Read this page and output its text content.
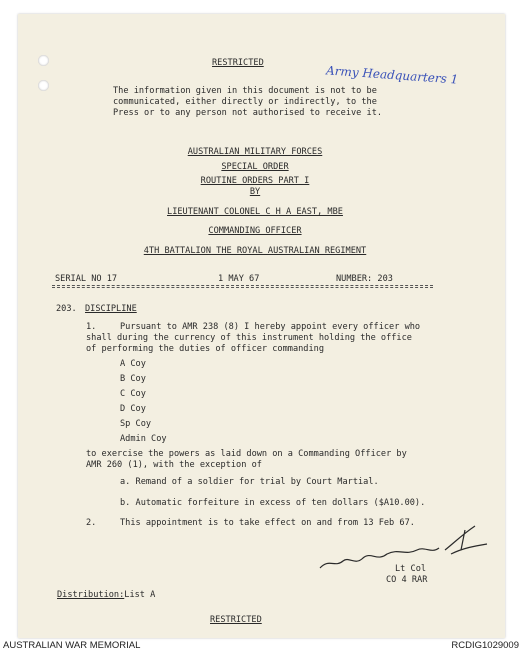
RESTRICTED
The information given in this document is not to be
communicated, either directly or indirectly, to the
Press or to any person not authorised to receive it.
Army Headquarters 1
AUSTRALIAN MILITARY FORCES
SPECIAL ORDER
ROUTINE ORDERS PART I
BY
LIEUTENANT COLONEL C H A EAST, MBE
COMMANDING OFFICER
4TH BATTALION THE ROYAL AUSTRALIAN REGIMENT
SERIAL NO 17	1 MAY 67	NUMBER: 203
203. DISCIPLINE
1.	Pursuant to AMR 238 (8) I hereby appoint every officer who
shall during the currency of this instrument holding the office
of performing the duties of officer commanding
A Coy
B Coy
C Coy
D Coy
Sp Coy
Admin Coy
to exercise the powers as laid down on a Commanding Officer by
AMR 260 (1), with the exception of
a. Remand of a soldier for trial by Court Martial.
b. Automatic forfeiture in excess of ten dollars ($A10.00).
2.	This appointment is to take effect on and from 13 Feb 67.
Lt Col
CO 4 RAR
Distribution:List A
RESTRICTED
AUSTRALIAN WAR MEMORIAL	RCDIG1029009
